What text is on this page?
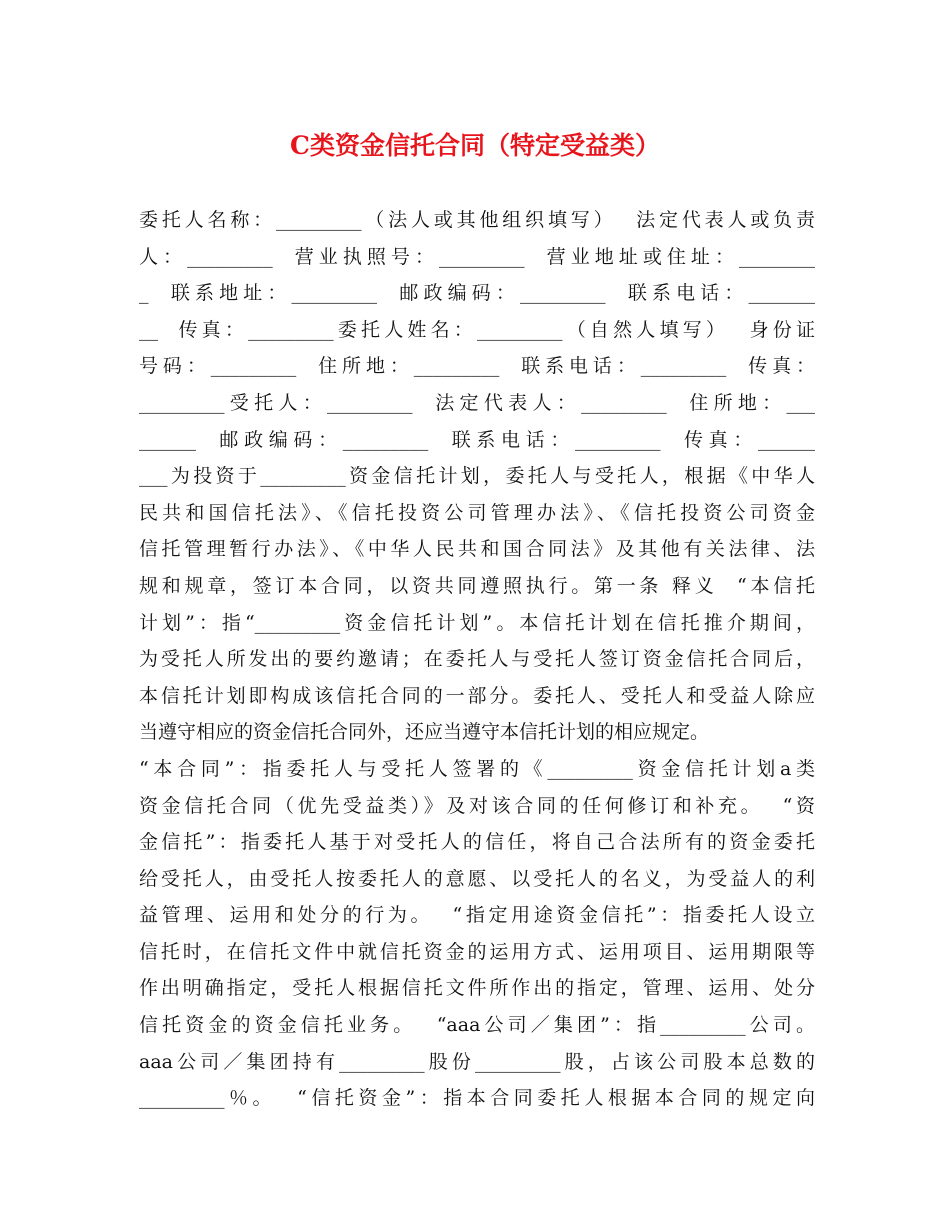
C类资金信托合同（特定受益类）
委托人名称：_________（法人或其他组织填写）  法定代表人或负责
人：_________  营业执照号：_________  营业地址或住址：________
_  联系地址：_________  邮政编码：_________  联系电话：_______
__  传真：_________委托人姓名：_________（自然人填写）  身份证
号码：_________  住所地：_________  联系电话：_________  传真：
_________受托人：_________  法定代表人：_________  住所地：___
______  邮政编码：_________  联系电话：_________  传真：______
___为投资于_________资金信托计划，委托人与受托人，根据《中华人
民共和国信托法》、《信托投资公司管理办法》、《信托投资公司资金
信托管理暂行办法》、《中华人民共和国合同法》及其他有关法律、法
规和规章，签订本合同，以资共同遵照执行。第一条 释义  “本信托
计划”：指“_________资金信托计划”。本信托计划在信托推介期间，
为受托人所发出的要约邀请；在委托人与受托人签订资金信托合同后，
本信托计划即构成该信托合同的一部分。委托人、受托人和受益人除应
当遵守相应的资金信托合同外，还应当遵守本信托计划的相应规定。
“本合同”：指委托人与受托人签署的《_________资金信托计划a类
资金信托合同（优先受益类）》及对该合同的任何修订和补充。  “资
金信托”：指委托人基于对受托人的信任，将自己合法所有的资金委托
给受托人，由受托人按委托人的意愿、以受托人的名义，为受益人的利
益管理、运用和处分的行为。  “指定用途资金信托”：指委托人设立
信托时，在信托文件中就信托资金的运用方式、运用项目、运用期限等
作出明确指定，受托人根据信托文件所作出的指定，管理、运用、处分
信托资金的资金信托业务。  “aaa公司／集团”：指_________公司。
aaa公司／集团持有_________股份_________股，占该公司股本总数的
_________％。  “信托资金”：指本合同委托人根据本合同的规定向
